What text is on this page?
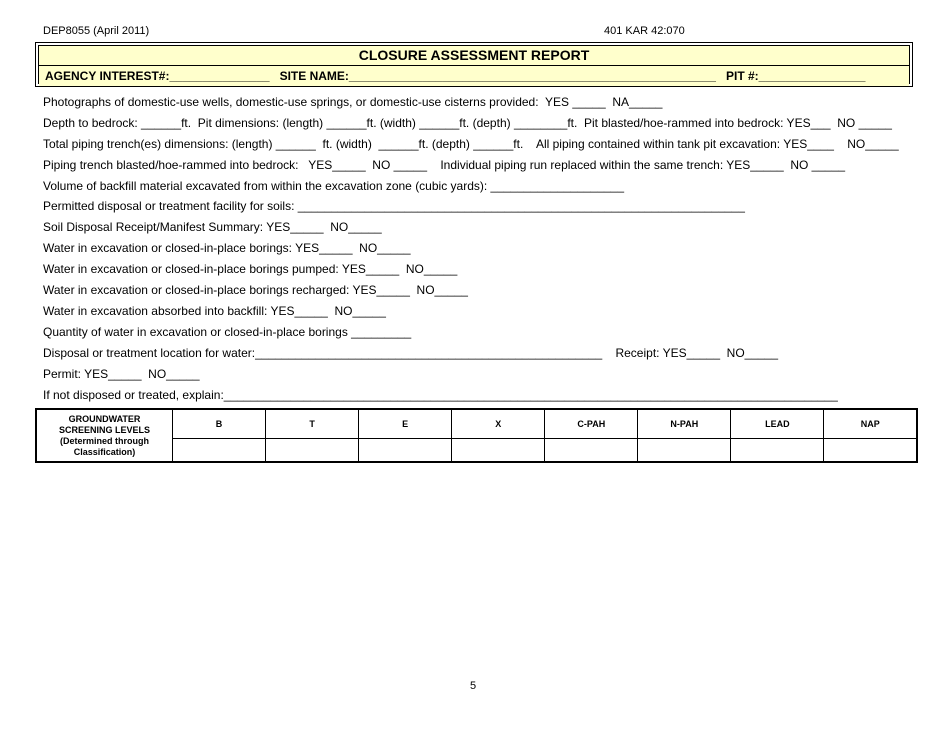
DEP8055 (April 2011)	401 KAR 42:070
CLOSURE ASSESSMENT REPORT
AGENCY INTEREST#:_______________ SITE NAME:_______________________________________________________ PIT #:________________
Photographs of domestic-use wells, domestic-use springs, or domestic-use cisterns provided:  YES _____  NA_____
Depth to bedrock: ______ft.  Pit dimensions: (length) ______ft. (width) ______ft. (depth) ________ft.  Pit blasted/hoe-rammed into bedrock: YES___  NO _____
Total piping trench(es) dimensions: (length) ______  ft. (width)  ______ft. (depth) ______ft.    All piping contained within tank pit excavation: YES____    NO_____
Piping trench blasted/hoe-rammed into bedrock:   YES_____  NO _____    Individual piping run replaced within the same trench: YES_____  NO _____
Volume of backfill material excavated from within the excavation zone (cubic yards): ____________________
Permitted disposal or treatment facility for soils: ___________________________________________________________________
Soil Disposal Receipt/Manifest Summary: YES_____  NO_____
Water in excavation or closed-in-place borings: YES_____  NO_____
Water in excavation or closed-in-place borings pumped: YES_____  NO_____
Water in excavation or closed-in-place borings recharged: YES_____  NO_____
Water in excavation absorbed into backfill: YES_____  NO_____
Quantity of water in excavation or closed-in-place borings _________
Disposal or treatment location for water:____________________________________________________    Receipt: YES_____  NO_____
Permit: YES_____  NO_____
If not disposed or treated, explain:____________________________________________________________________________________________
GROUNDWATER
SCREENING LEVELS
(Determined through
Classification)	B	T	E	X	C-PAH	N-PAH	LEAD	NAP

5
